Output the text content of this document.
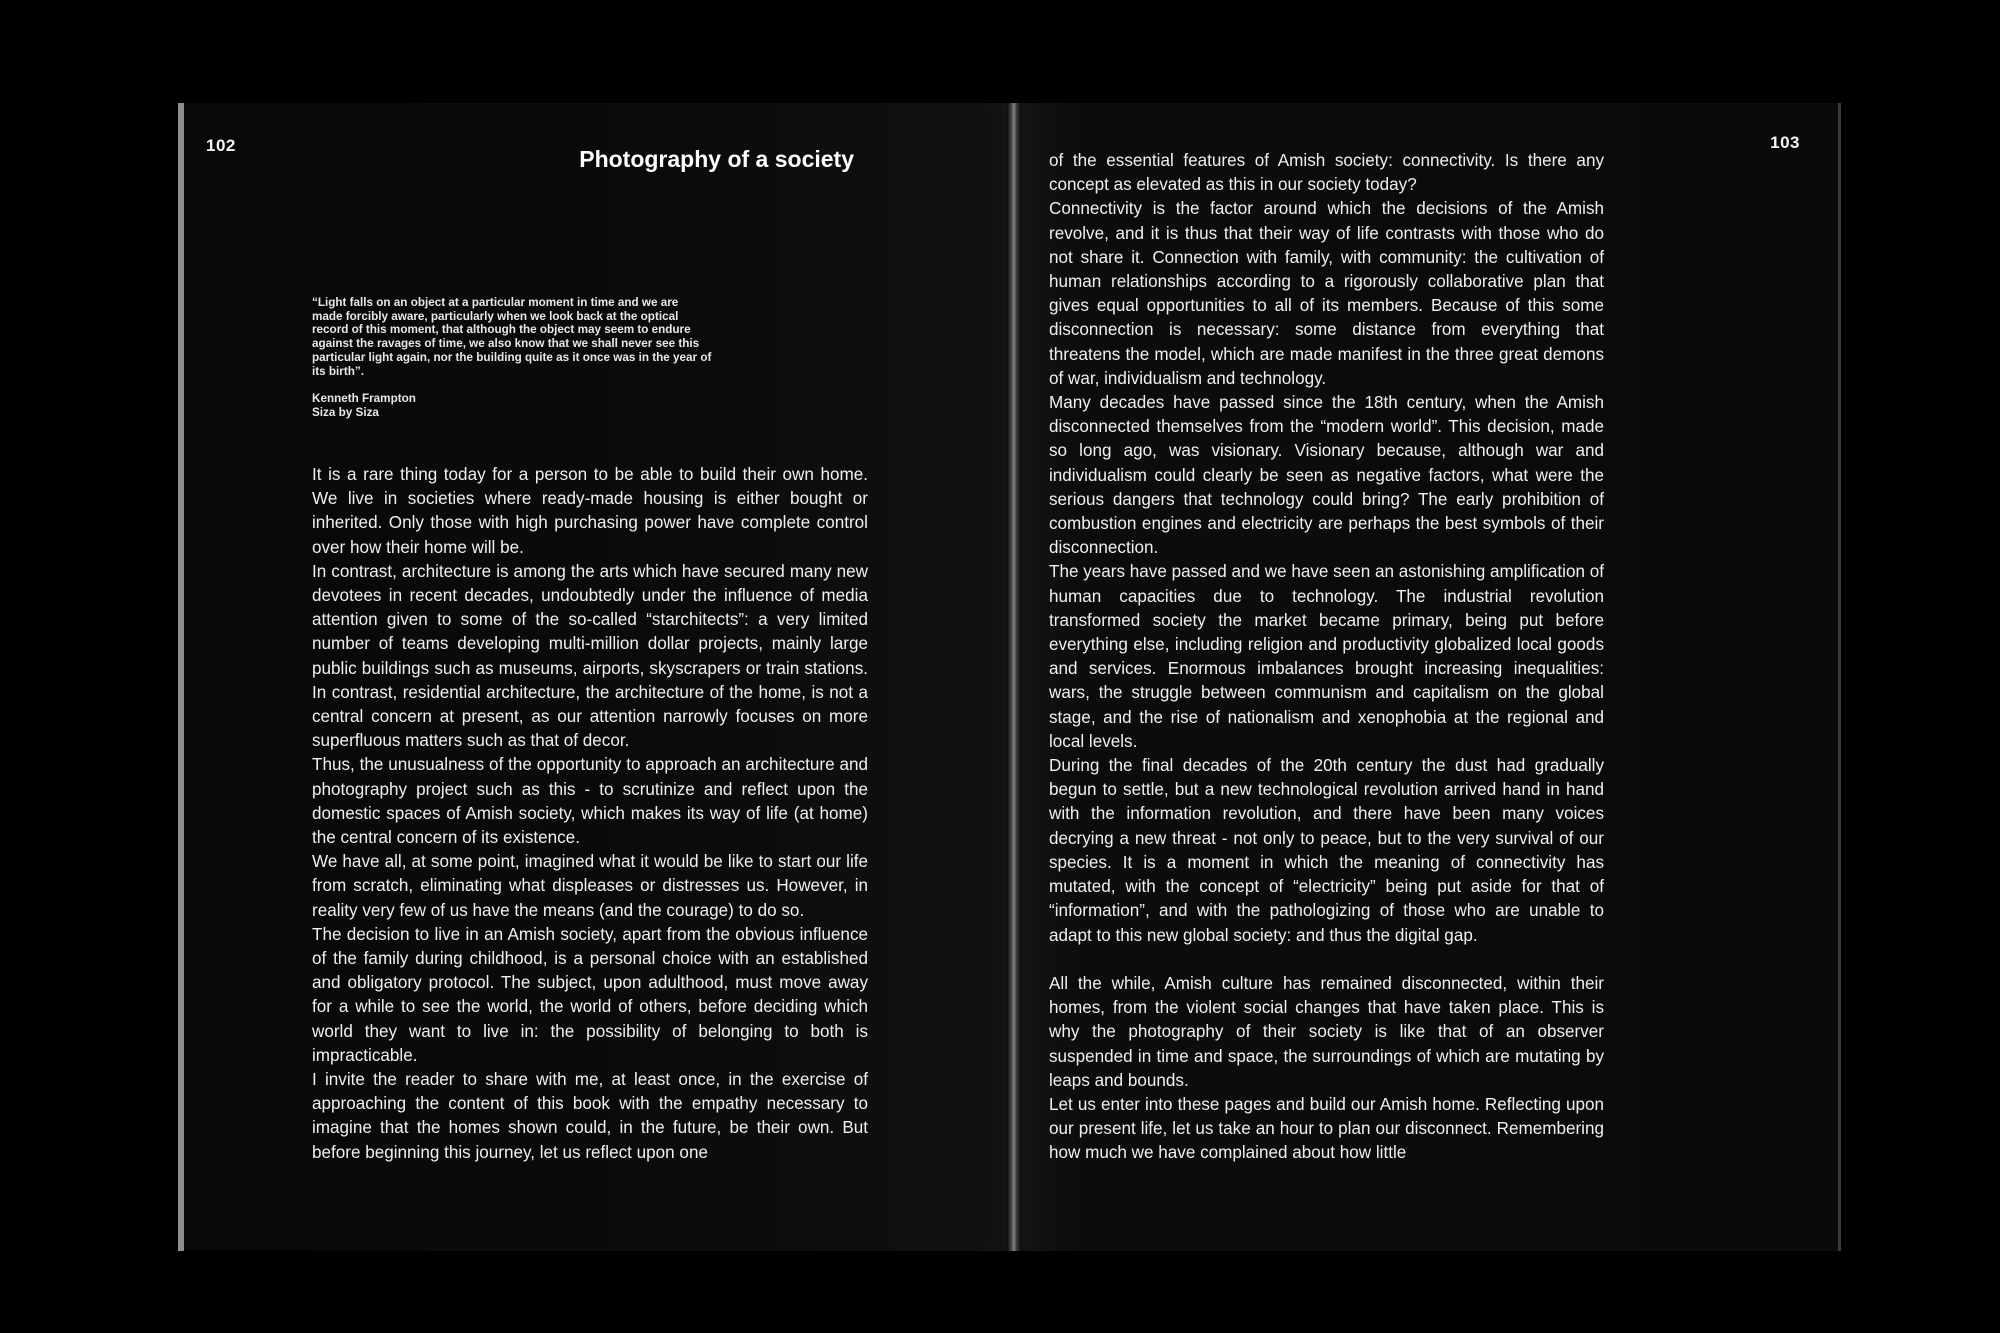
102
Photography of a society

“Light falls on an object at a particular moment in time and we are made forcibly aware, particularly when we look back at the optical record of this moment, that although the object may seem to endure against the ravages of time, we also know that we shall never see this particular light again, nor the building quite as it once was in the year of its birth”.

Kenneth Frampton

Siza by Siza

It is a rare thing today for a person to be able to build their own home. We live in societies where ready-made housing is either bought or inherited. Only those with high purchasing power have complete control over how their home will be.

In contrast, architecture is among the arts which have secured many new devotees in recent decades, undoubtedly under the influence of media attention given to some of the so-called “starchitects”: a very limited number of teams developing multi-million dollar projects, mainly large public buildings such as museums, airports, skyscrapers or train stations. In contrast, residential architecture, the architecture of the home, is not a central concern at present, as our attention narrowly focuses on more superfluous matters such as that of decor.

Thus, the unusualness of the opportunity to approach an architecture and photography project such as this - to scrutinize and reflect upon the domestic spaces of Amish society, which makes its way of life (at home) the central concern of its existence.

We have all, at some point, imagined what it would be like to start our life from scratch, eliminating what displeases or distresses us. However, in reality very few of us have the means (and the courage) to do so.

The decision to live in an Amish society, apart from the obvious influence of the family during childhood, is a personal choice with an established and obligatory protocol. The subject, upon adulthood, must move away for a while to see the world, the world of others, before deciding which world they want to live in: the possibility of belonging to both is impracticable.

I invite the reader to share with me, at least once, in the exercise of approaching the content of this book with the empathy necessary to imagine that the homes shown could, in the future, be their own. But before beginning this journey, let us reflect upon one

103

of the essential features of Amish society: connectivity. Is there any concept as elevated as this in our society today?

Connectivity is the factor around which the decisions of the Amish revolve, and it is thus that their way of life contrasts with those who do not share it. Connection with family, with community: the cultivation of human relationships according to a rigorously collaborative plan that gives equal opportunities to all of its members. Because of this some disconnection is necessary: some distance from everything that threatens the model, which are made manifest in the three great demons of war, individualism and technology.

Many decades have passed since the 18th century, when the Amish disconnected themselves from the “modern world”. This decision, made so long ago, was visionary. Visionary because, although war and individualism could clearly be seen as negative factors, what were the serious dangers that technology could bring? The early prohibition of combustion engines and electricity are perhaps the best symbols of their disconnection.

The years have passed and we have seen an astonishing amplification of human capacities due to technology. The industrial revolution transformed society the market became primary, being put before everything else, including religion and productivity globalized local goods and services. Enormous imbalances brought increasing inequalities: wars, the struggle between communism and capitalism on the global stage, and the rise of nationalism and xenophobia at the regional and local levels.

During the final decades of the 20th century the dust had gradually begun to settle, but a new technological revolution arrived hand in hand with the information revolution, and there have been many voices decrying a new threat - not only to peace, but to the very survival of our species. It is a moment in which the meaning of connectivity has mutated, with the concept of “electricity” being put aside for that of “information”, and with the pathologizing of those who are unable to adapt to this new global society: and thus the digital gap.

All the while, Amish culture has remained disconnected, within their homes, from the violent social changes that have taken place. This is why the photography of their society is like that of an observer suspended in time and space, the surroundings of which are mutating by leaps and bounds.

Let us enter into these pages and build our Amish home. Reflecting upon our present life, let us take an hour to plan our disconnect. Remembering how much we have complained about how little
